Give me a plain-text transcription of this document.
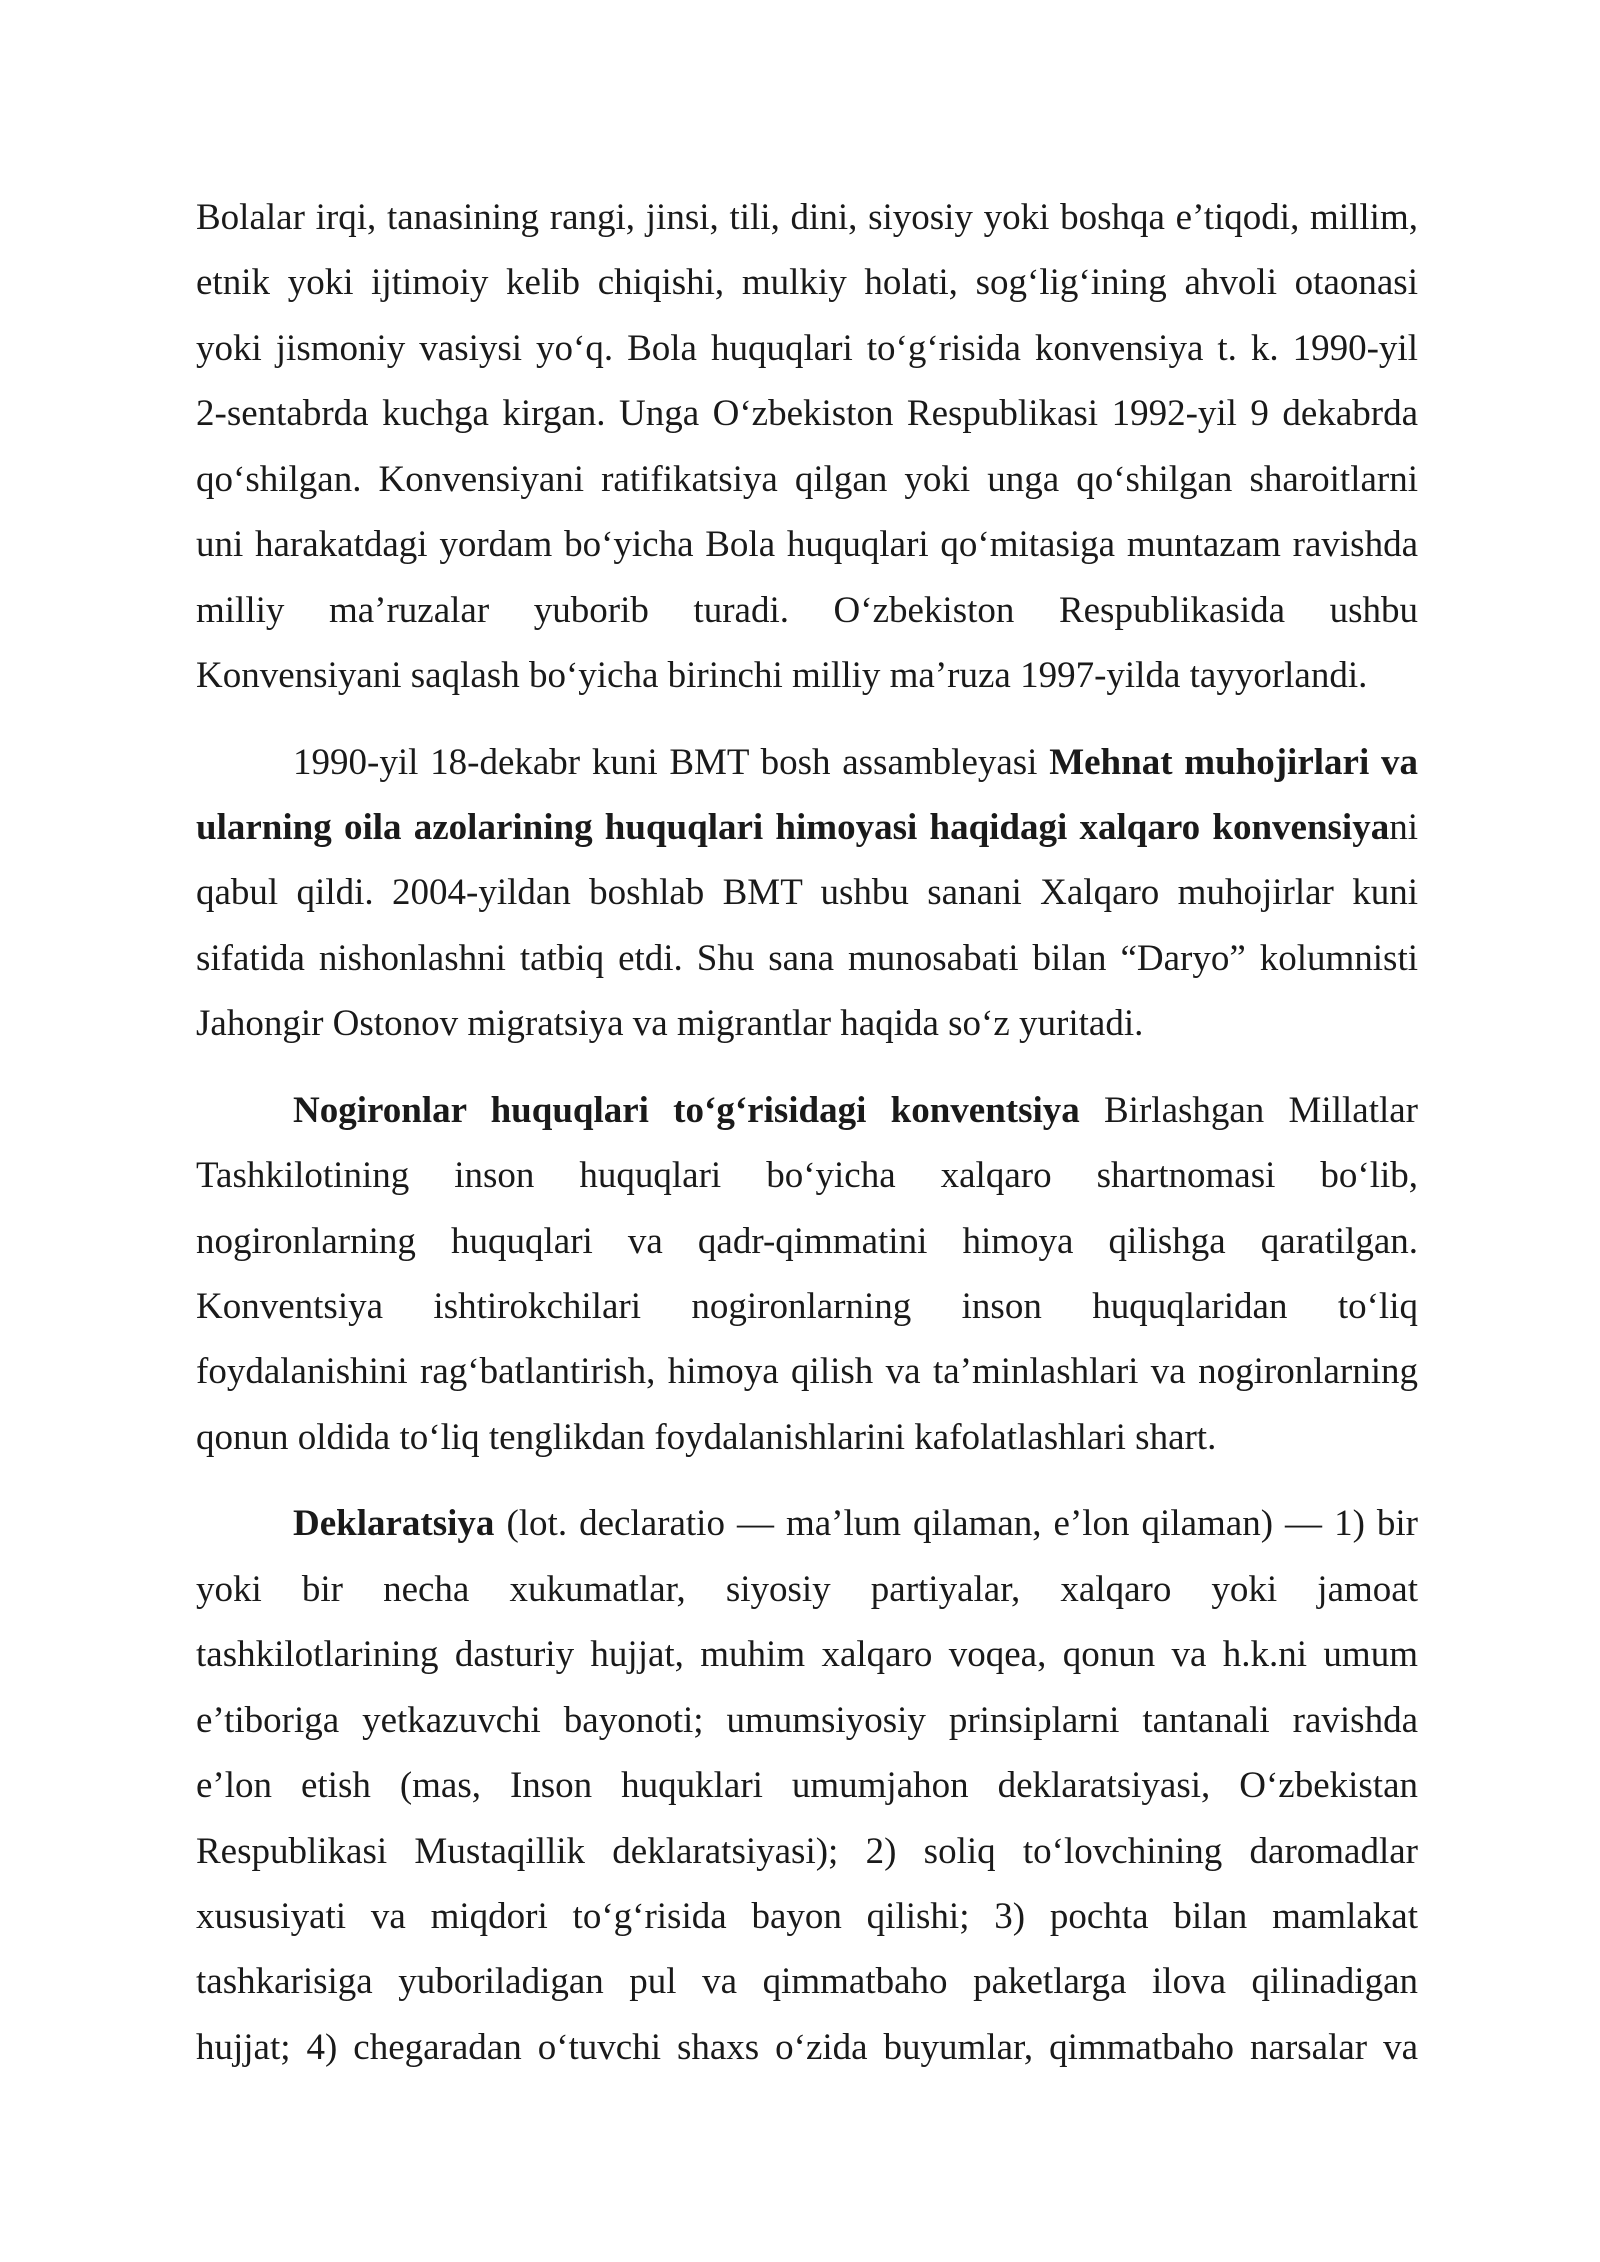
Bolalar irqi, tanasining rangi, jinsi, tili, dini, siyosiy yoki boshqa e’tiqodi, millim,
etnik yoki ijtimoiy kelib chiqishi, mulkiy holati, sog‘lig‘ining ahvoli otaonasi
yoki jismoniy vasiysi yo‘q. Bola huquqlari to‘g‘risida konvensiya t. k. 1990-yil
2-sentabrda kuchga kirgan. Unga O‘zbekiston Respublikasi 1992-yil 9 dekabrda
qo‘shilgan. Konvensiyani ratifikatsiya qilgan yoki unga qo‘shilgan sharoitlarni
uni harakatdagi yordam bo‘yicha Bola huquqlari qo‘mitasiga muntazam ravishda
milliy ma’ruzalar yuborib turadi. O‘zbekiston Respublikasida ushbu
Konvensiyani saqlash bo‘yicha birinchi milliy ma’ruza 1997-yilda tayyorlandi.
1990-yil 18-dekabr kuni BMT bosh assambleyasi Mehnat muhojirlari va
ularning oila azolarining huquqlari himoyasi haqidagi xalqaro konvensiyani
qabul qildi. 2004-yildan boshlab BMT ushbu sanani Xalqaro muhojirlar kuni
sifatida nishonlashni tatbiq etdi. Shu sana munosabati bilan “Daryo” kolumnisti
Jahongir Ostonov migratsiya va migrantlar haqida so‘z yuritadi.
Nogironlar huquqlari to‘g‘risidagi konventsiya Birlashgan Millatlar
Tashkilotining inson huquqlari bo‘yicha xalqaro shartnomasi bo‘lib,
nogironlarning huquqlari va qadr-qimmatini himoya qilishga qaratilgan.
Konventsiya ishtirokchilari nogironlarning inson huquqlaridan to‘liq
foydalanishini rag‘batlantirish, himoya qilish va ta’minlashlari va nogironlarning
qonun oldida to‘liq tenglikdan foydalanishlarini kafolatlashlari shart.
Deklaratsiya (lot. declaratio — ma’lum qilaman, e’lon qilaman) — 1) bir
yoki bir necha xukumatlar, siyosiy partiyalar, xalqaro yoki jamoat
tashkilotlarining dasturiy hujjat, muhim xalqaro voqea, qonun va h.k.ni umum
e’tiboriga yetkazuvchi bayonoti; umumsiyosiy prinsiplarni tantanali ravishda
e’lon etish (mas, Inson huquklari umumjahon deklaratsiyasi, O‘zbekistan
Respublikasi Mustaqillik deklaratsiyasi); 2) soliq to‘lovchining daromadlar
xususiyati va miqdori to‘g‘risida bayon qilishi; 3) pochta bilan mamlakat
tashkarisiga yuboriladigan pul va qimmatbaho paketlarga ilova qilinadigan
hujjat; 4) chegaradan o‘tuvchi shaxs o‘zida buyumlar, qimmatbaho narsalar va
